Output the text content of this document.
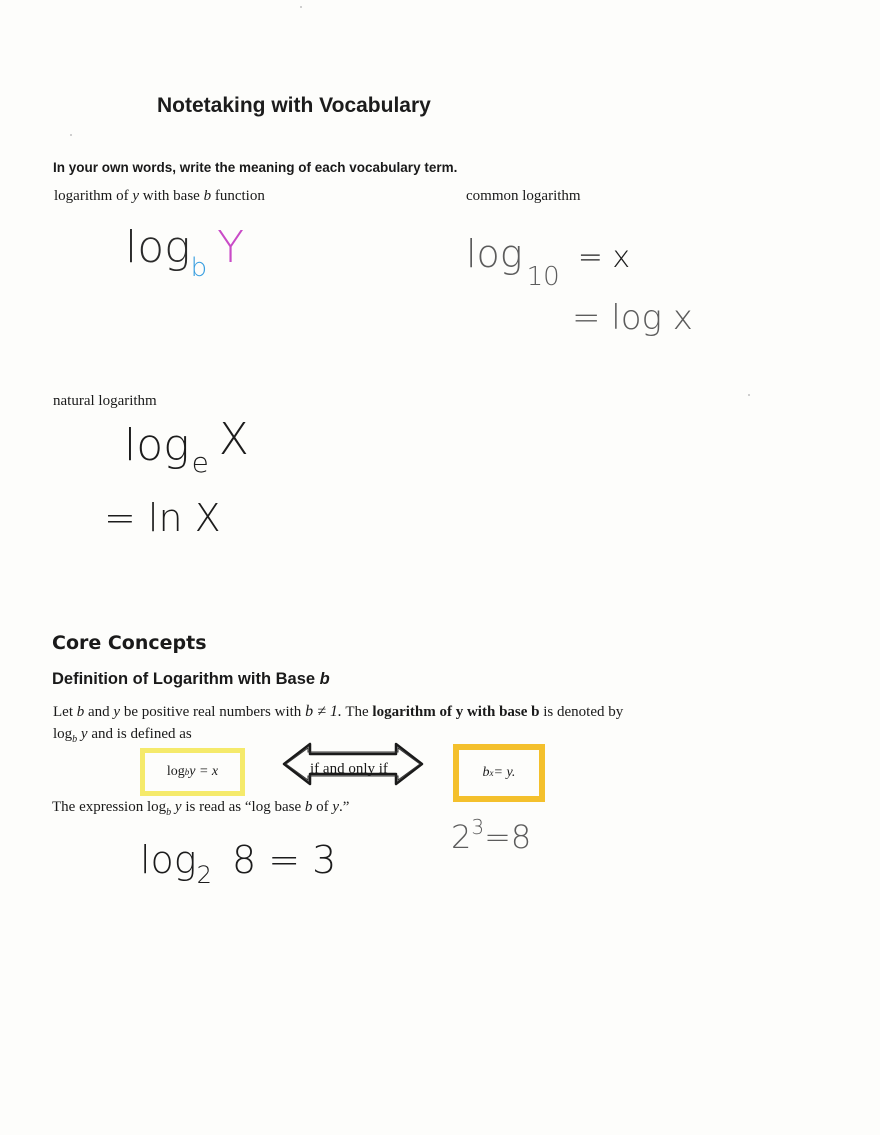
Notetaking with Vocabulary
In your own words, write the meaning of each vocabulary term.
logarithm of y with base b function
$\log_b Y$
common logarithm
$\log_{10}= x$
= log x
natural logarithm
$\log_e X$
= ln X
Core Concepts
Definition of Logarithm with Base b
Let b and y be positive real numbers with b ≠ 1. The logarithm of y with base b is denoted by
$\log_b y$ and is defined as
log b y = x	if and only if	b x = y.
The expression $\log_b y$ is read as “log base b of y.”
$\log_2 8 = 3$
$2^3=8$
